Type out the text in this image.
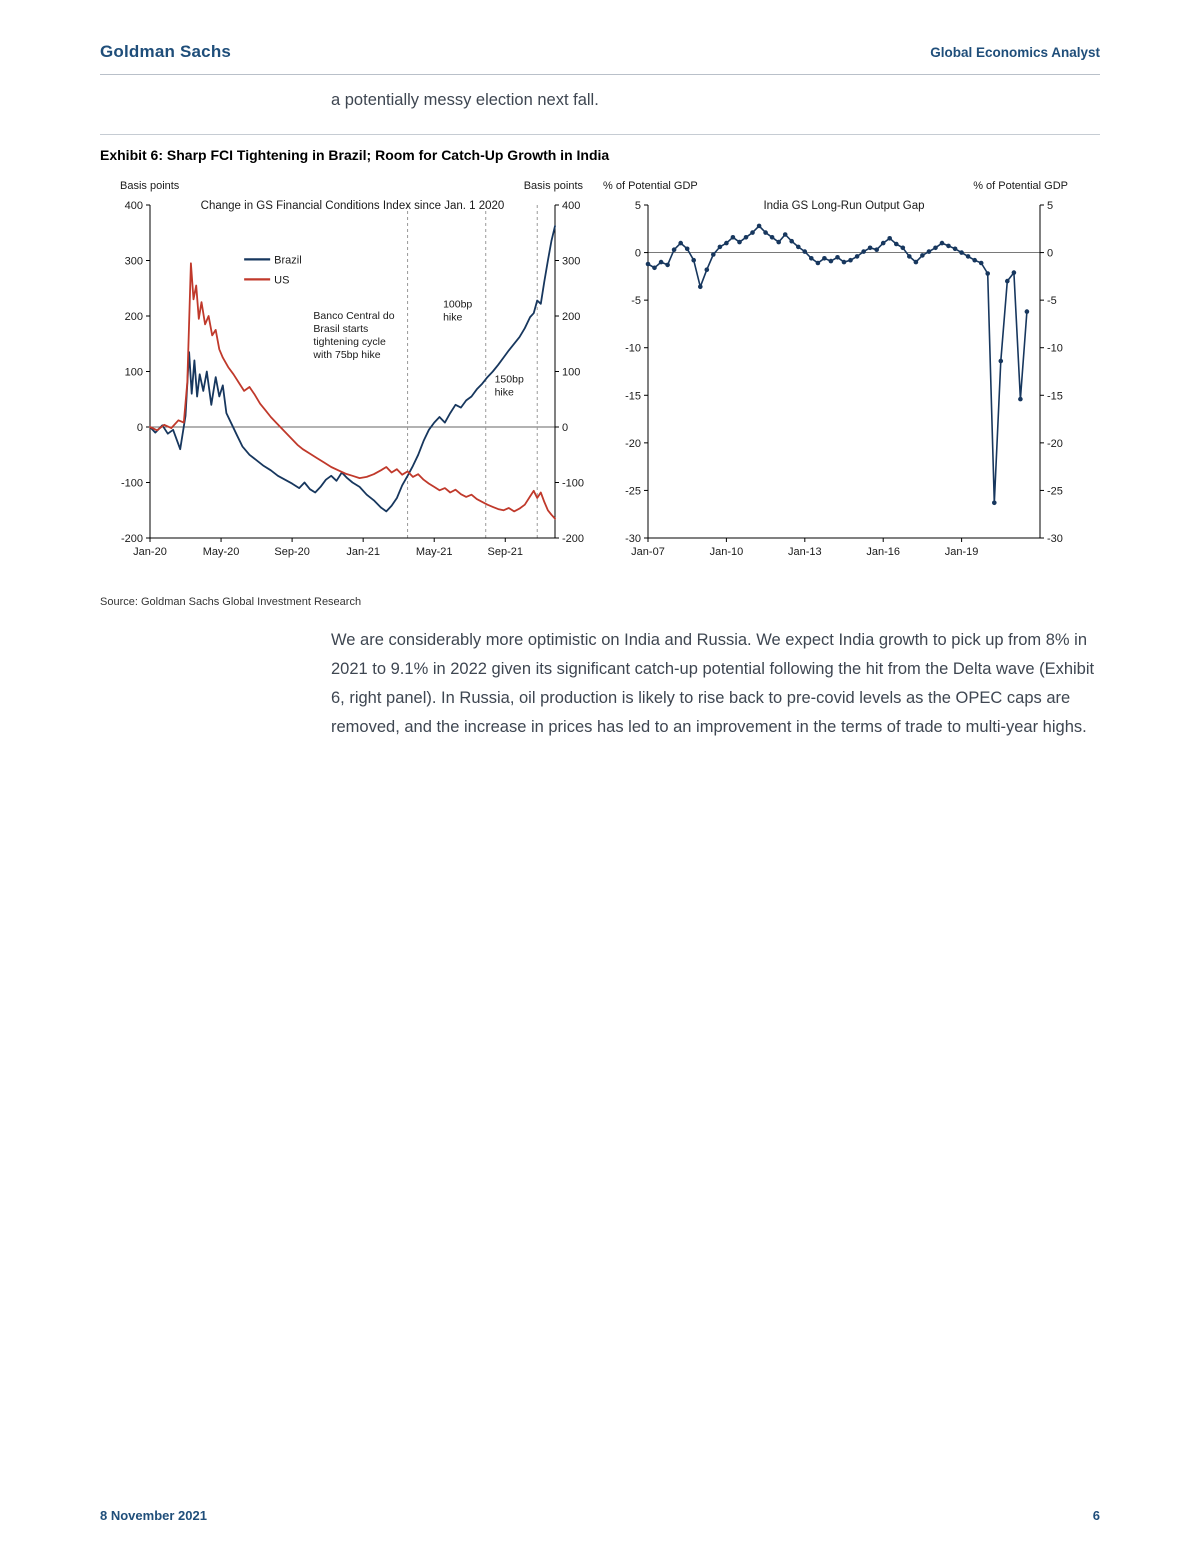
Goldman Sachs	Global Economics Analyst
a potentially messy election next fall.
Exhibit 6: Sharp FCI Tightening in Brazil; Room for Catch-Up Growth in India
Basis points	Basis points
400	400
300	300
200	200
100	100
0	0
-100	-100
-200	-200
Jan-20	May-20	Sep-20	Jan-21	May-21	Sep-21
Change in GS Financial Conditions Index since Jan. 1 2020
Brazil
US
Banco Central do
Brasil starts
tightening cycle
with 75bp hike
100bp
hike
150bp
hike
% of Potential GDP	% of Potential GDP
5	5
0	0
-5	-5
-10	-10
-15	-15
-20	-20
-25	-25
-30	-30
Jan-07	Jan-10	Jan-13	Jan-16	Jan-19
India GS Long-Run Output Gap
Source: Goldman Sachs Global Investment Research
We are considerably more optimistic on India and Russia. We expect India growth to pick up from 8% in 2021 to 9.1% in 2022 given its significant catch-up potential following the hit from the Delta wave (Exhibit 6, right panel). In Russia, oil production is likely to rise back to pre-covid levels as the OPEC caps are removed, and the increase in prices has led to an improvement in the terms of trade to multi-year highs.
8 November 2021	6
